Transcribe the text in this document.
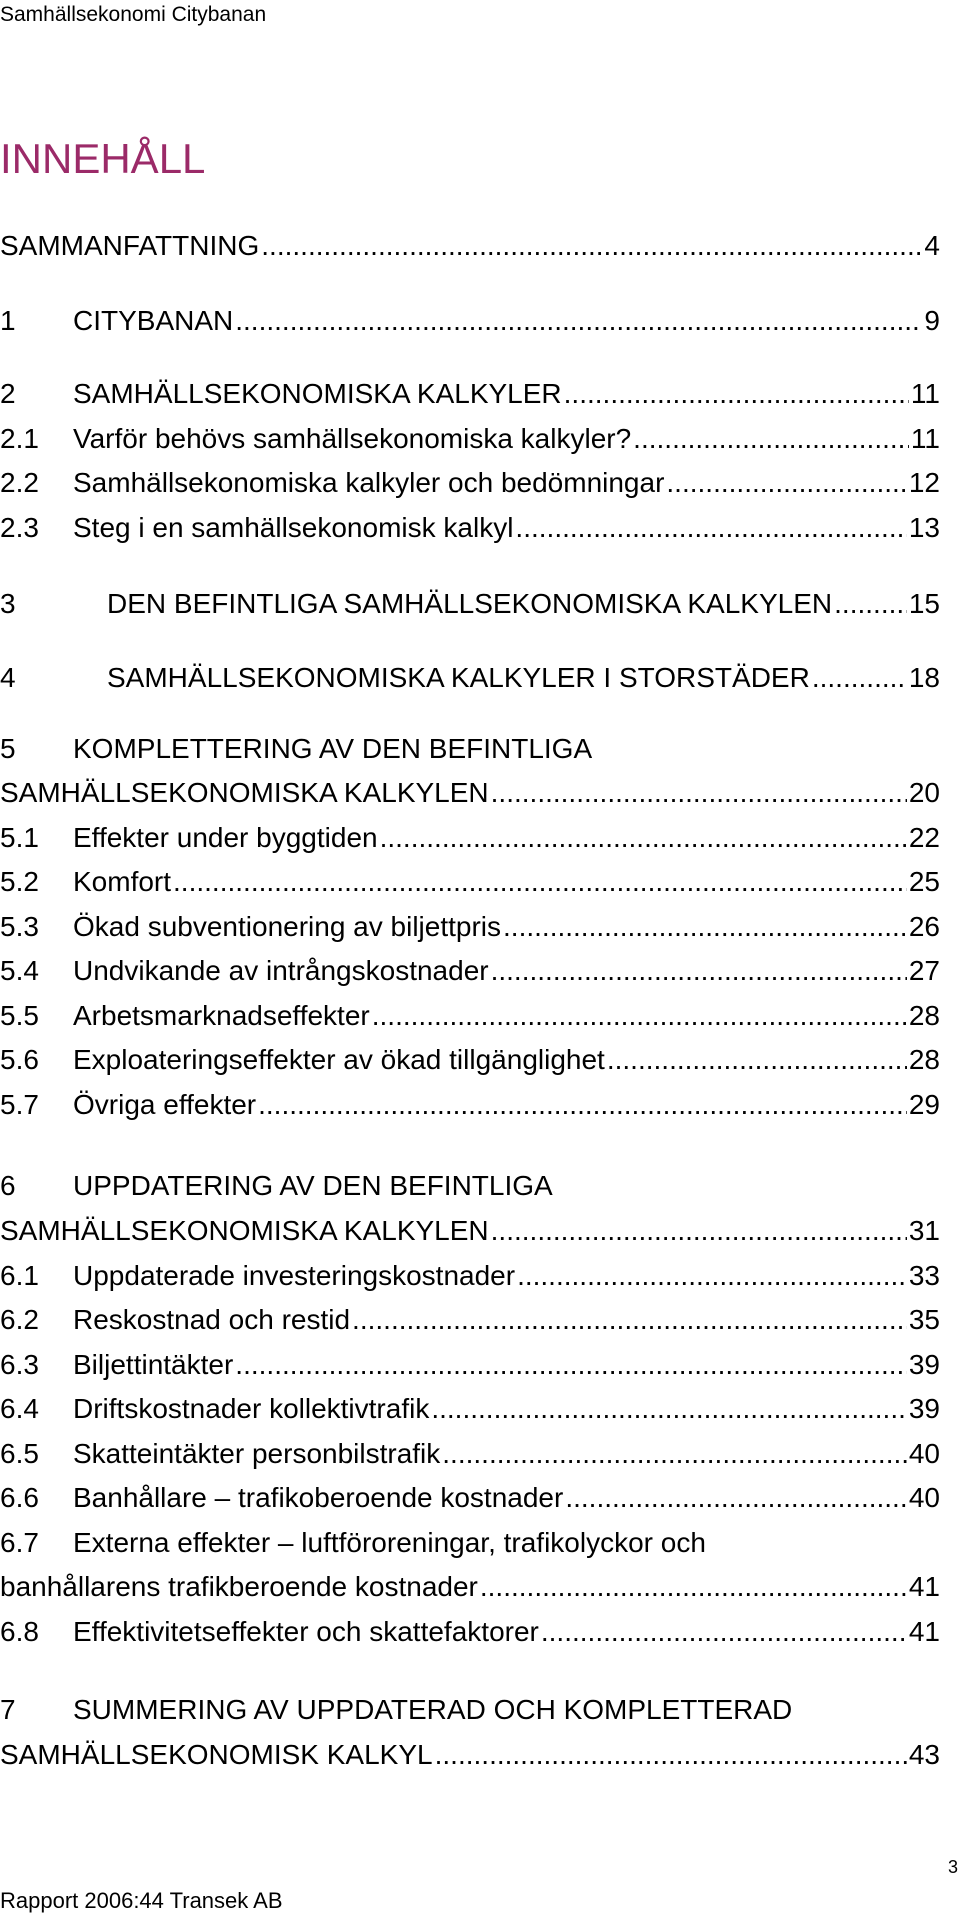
Samhällsekonomi Citybanan
INNEHÅLL
SAMMANFATTNING .....	4
1	CITYBANAN .....	9
2	SAMHÄLLSEKONOMISKA KALKYLER .....	11
2.1	Varför behövs samhällsekonomiska kalkyler? .....	11
2.2	Samhällsekonomiska kalkyler och bedömningar .....	12
2.3	Steg i en samhällsekonomisk kalkyl .....	13
3	DEN BEFINTLIGA SAMHÄLLSEKONOMISKA KALKYLEN .....	15
4	SAMHÄLLSEKONOMISKA KALKYLER I STORSTÄDER .....	18
5	KOMPLETTERING AV DEN BEFINTLIGA
SAMHÄLLSEKONOMISKA KALKYLEN .....	20
5.1	Effekter under byggtiden .....	22
5.2	Komfort .....	25
5.3	Ökad subventionering av biljettpris .....	26
5.4	Undvikande av intrångskostnader .....	27
5.5	Arbetsmarknadseffekter .....	28
5.6	Exploateringseffekter av ökad tillgänglighet .....	28
5.7	Övriga effekter .....	29
6	UPPDATERING AV DEN BEFINTLIGA
SAMHÄLLSEKONOMISKA KALKYLEN .....	31
6.1	Uppdaterade investeringskostnader .....	33
6.2	Reskostnad och restid .....	35
6.3	Biljettintäkter .....	39
6.4	Driftskostnader kollektivtrafik .....	39
6.5	Skatteintäkter personbilstrafik .....	40
6.6	Banhållare – trafikoberoende kostnader .....	40
6.7	Externa effekter – luftföroreningar, trafikolyckor och
banhållarens trafikberoende kostnader .....	41
6.8	Effektivitetseffekter och skattefaktorer .....	41
7	SUMMERING AV UPPDATERAD OCH KOMPLETTERAD
SAMHÄLLSEKONOMISK KALKYL .....	43
3
Rapport 2006:44 Transek AB
